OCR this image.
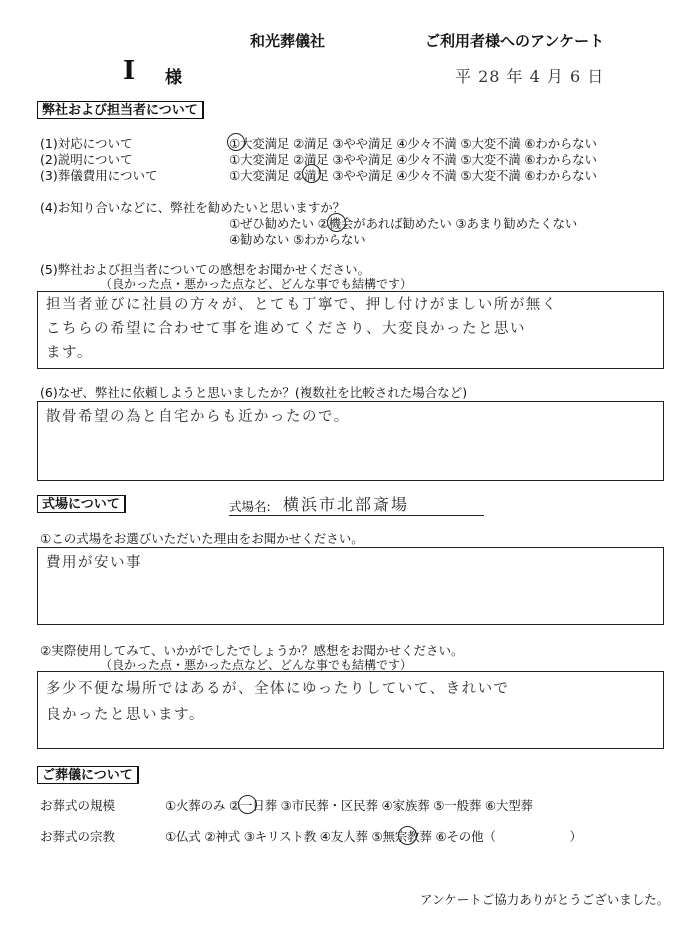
和光葬儀社	ご利用者様へのアンケート
I 様	平 28 年 4 月 6 日
弊社および担当者について
(1)対応について	①大変満足 ②満足 ③やや満足 ④少々不満 ⑤大変不満 ⑥わからない
(2)説明について	①大変満足 ②満足 ③やや満足 ④少々不満 ⑤大変不満 ⑥わからない
(3)葬儀費用について	①大変満足 ②満足 ③やや満足 ④少々不満 ⑤大変不満 ⑥わからない
(4)お知り合いなどに、弊社を勧めたいと思いますか？
①ぜひ勧めたい ②機会があれば勧めたい ③あまり勧めたくない
④勧めない ⑤わからない
(5)弊社および担当者についての感想をお聞かせください。
（良かった点・悪かった点など、どんな事でも結構です）
担当者並びに社員の方々が、とても丁寧で、押し付けがましい所が無く
こちらの希望に合わせて事を進めてくださり、大変良かったと思い
ます。
(6)なぜ、弊社に依頼しようと思いましたか？(複数社を比較された場合など)
散骨希望の為と自宅からも近かったので。
式場について	式場名: 横浜市北部斎場
①この式場をお選びいただいた理由をお聞かせください。
費用が安い事
②実際使用してみて、いかがでしたでしょうか？感想をお聞かせください。
（良かった点・悪かった点など、どんな事でも結構です）
多少不便な場所ではあるが、全体にゆったりしていて、きれいで
良かったと思います。
ご葬儀について
お葬式の規模	①火葬のみ ②一日葬 ③市民葬・区民葬 ④家族葬 ⑤一般葬 ⑥大型葬
お葬式の宗教	①仏式 ②神式 ③キリスト教 ④友人葬 ⑤無宗教葬 ⑥その他（　　　　　　）
アンケートご協力ありがとうございました。
